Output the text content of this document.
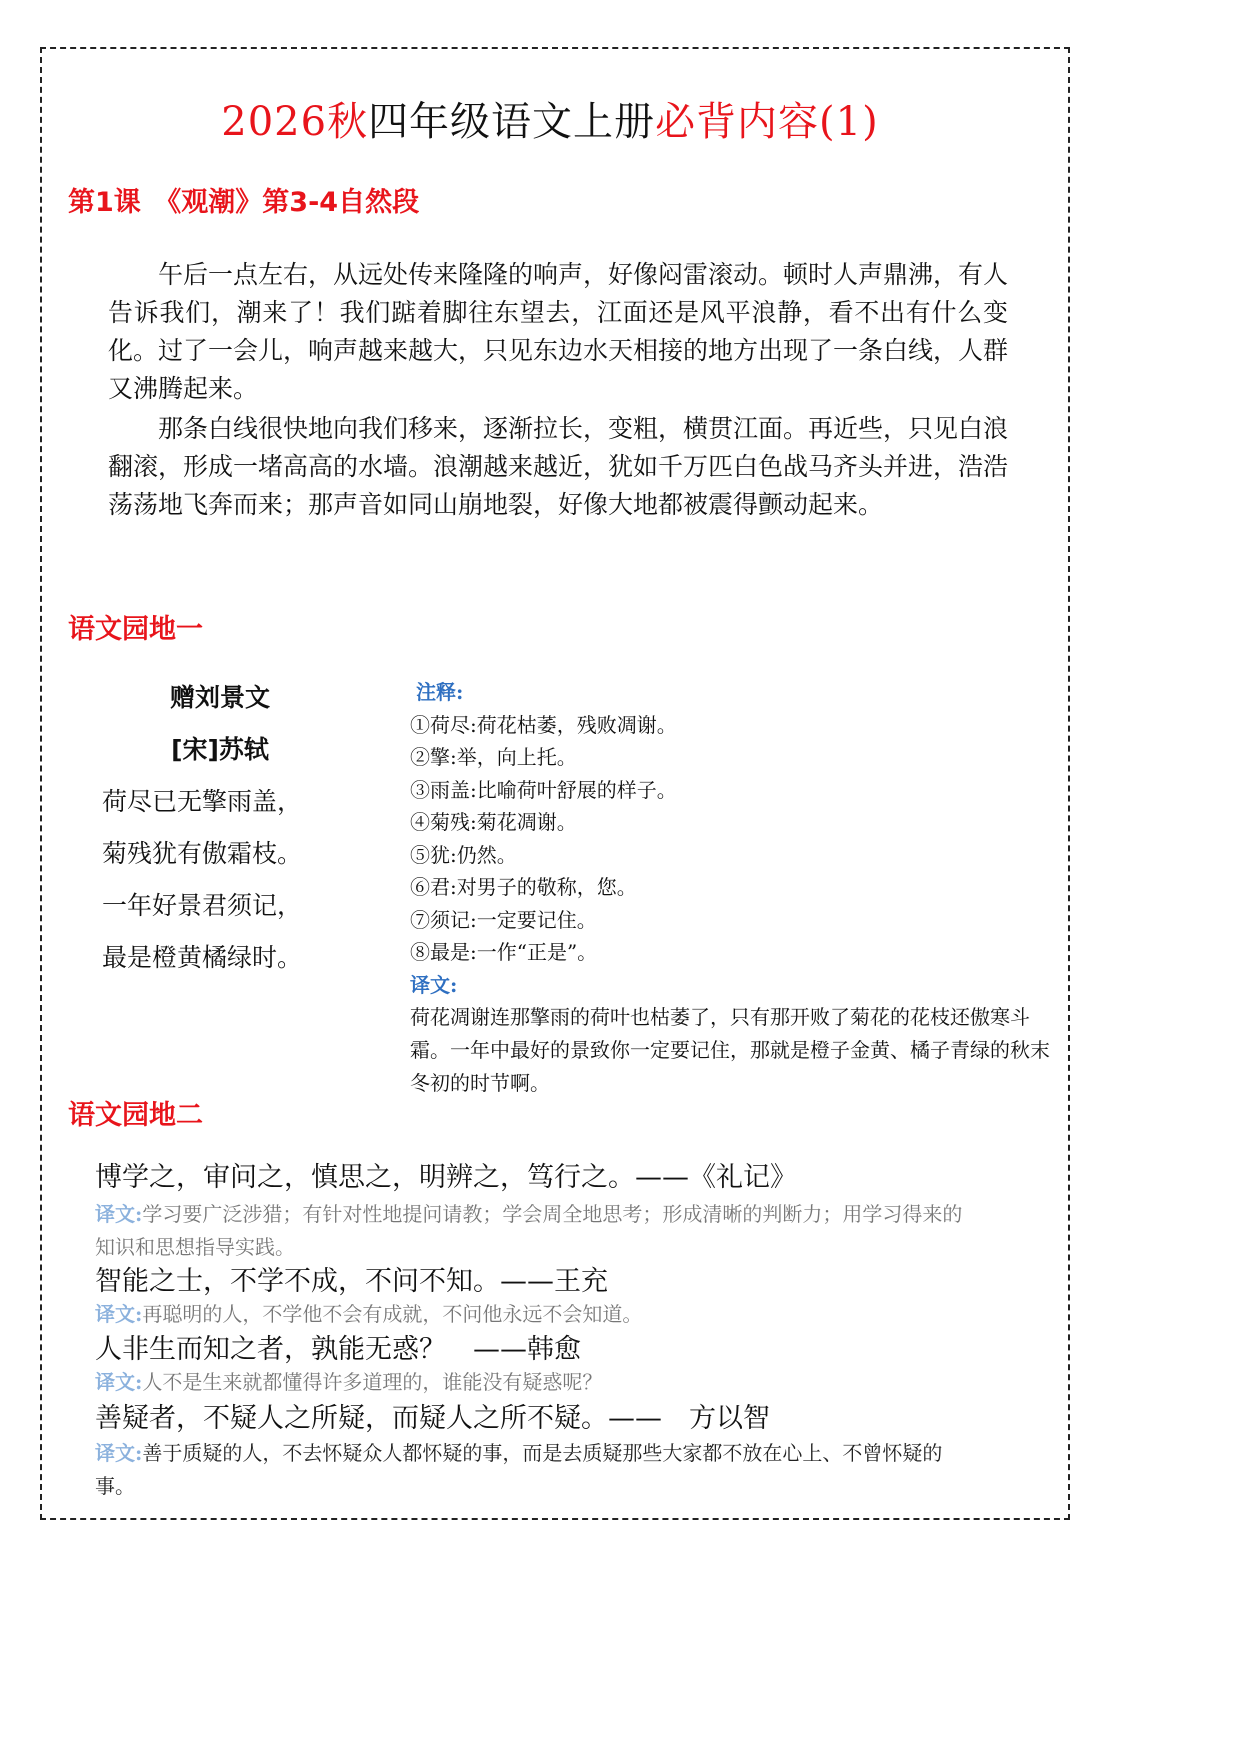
2026秋四年级语文上册必背内容(1)
第1课　《观潮》第3-4自然段

午后一点左右，从远处传来隆隆的响声，好像闷雷滚动。顿时人声鼎沸，有人告诉我们，潮来了！我们踮着脚往东望去，江面还是风平浪静，看不出有什么变化。过了一会儿，响声越来越大，只见东边水天相接的地方出现了一条白线，人群又沸腾起来。

那条白线很快地向我们移来，逐渐拉长，变粗，横贯江面。再近些，只见白浪翻滚，形成一堵高高的水墙。浪潮越来越近，犹如千万匹白色战马齐头并进，浩浩荡荡地飞奔而来；那声音如同山崩地裂，好像大地都被震得颤动起来。

语文园地一
赠刘景文
[宋]苏轼
荷尽已无擎雨盖，
菊残犹有傲霜枝。
一年好景君须记，
最是橙黄橘绿时。
注释:
①荷尽:荷花枯萎，残败凋谢。
②擎:举，向上托。
③雨盖:比喻荷叶舒展的样子。
④菊残:菊花凋谢。
⑤犹:仍然。
⑥君:对男子的敬称，您。
⑦须记:一定要记住。
⑧最是:一作“正是”。
译文:
荷花凋谢连那擎雨的荷叶也枯萎了，只有那开败了菊花的花枝还傲寒斗霜。一年中最好的景致你一定要记住，那就是橙子金黄、橘子青绿的秋末冬初的时节啊。
语文园地二
博学之，审问之，慎思之，明辨之，笃行之。——《礼记》
译文:学习要广泛涉猎；有针对性地提问请教；学会周全地思考；形成清晰的判断力；用学习得来的知识和思想指导实践。
智能之士，不学不成，不问不知。——王充
译文:再聪明的人，不学他不会有成就，不问他永远不会知道。
人非生而知之者，孰能无惑？　——韩愈
译文:人不是生来就都懂得许多道理的，谁能没有疑惑呢？
善疑者，不疑人之所疑，而疑人之所不疑。——　方以智
译文:善于质疑的人，不去怀疑众人都怀疑的事，而是去质疑那些大家都不放在心上、不曾怀疑的事。
